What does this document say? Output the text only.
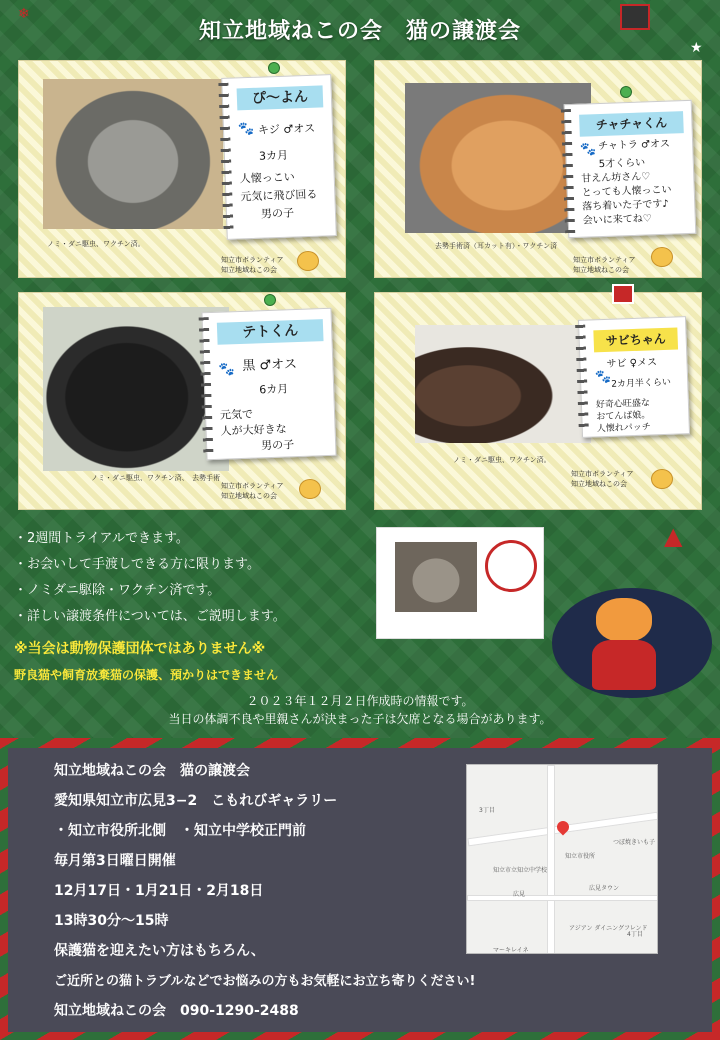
知立地域ねこの会　猫の譲渡会
❄
★
ノミ・ダニ駆虫、ワクチン済。
知立市ボランティア
知立地域ねこの会
ぴ～よん
🐾 キジ ♂オス
3カ月
人懐っこい
元気に飛び回る
男の子
去勢手術済（耳カット有）・ワクチン済
知立市ボランティア
知立地域ねこの会
チャチャくん
🐾 チャトラ ♂オス
5才くらい
甘えん坊さん♡
とっても人懐っこい
落ち着いた子です♪
会いに来てね♡
ノミ・ダニ駆虫、ワクチン済、　去勢手術
知立市ボランティア
知立地域ねこの会
テトくん
🐾 黒 ♂オス
6カ月
元気で
人が大好きな
男の子
ノミ・ダニ駆虫、ワクチン済。
知立市ボランティア
知立地域ねこの会
サビちゃん
🐾
サビ ♀メス
2カ月半くらい
好奇心旺盛な
おてんば娘。
人懐れパッチ
・2週間トライアルできます。
・お会いして手渡しできる方に限ります。
・ノミダニ駆除・ワクチン済です。
・詳しい譲渡条件については、ご説明します。
▲
※当会は動物保護団体ではありません※
野良猫や飼育放棄猫の保護、預かりはできません
２０２３年１２月２日作成時の情報です。
当日の体調不良や里親さんが決まった子は欠席となる場合があります。
知立地域ねこの会　猫の譲渡会
愛知県知立市広見3−2　こもれびギャラリー
・知立市役所北側　・知立中学校正門前
毎月第3日曜日開催
12月17日・1月21日・2月18日
13時30分～15時
保護猫を迎えたい方はもちろん、
ご近所との猫トラブルなどでお悩みの方もお気軽にお立ち寄りください!
知立地域ねこの会　090-1290-2488
知立市役所
知立市立知立中学校
広見
広見タウン
アジアン ダイニングフレンド
マーキレイネ
つぼ焼きいも子
3丁目
4丁目
